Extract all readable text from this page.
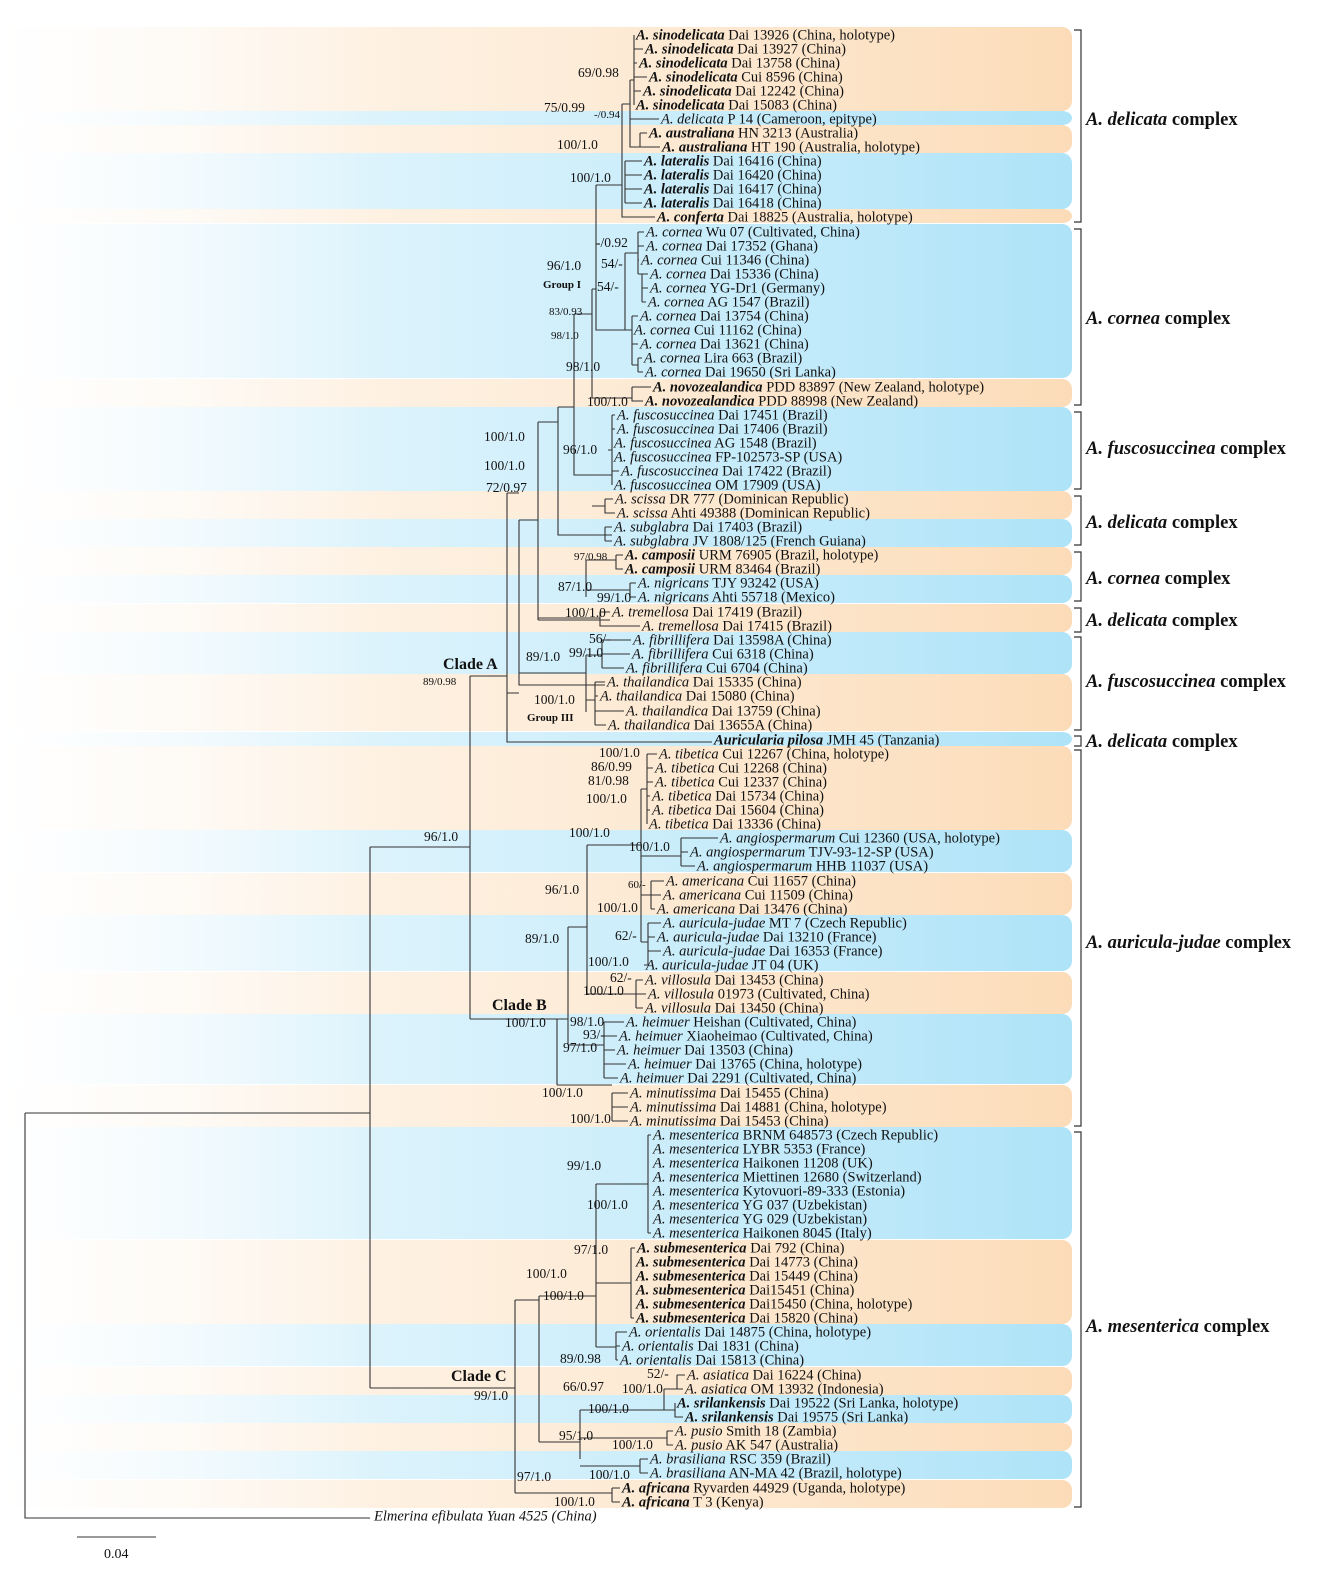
A. sinodelicata Dai 13926 (China, holotype)
A. sinodelicata Dai 13927 (China)
A. sinodelicata Dai 13758 (China)
A. sinodelicata Cui 8596 (China)
A. sinodelicata Dai 12242 (China)
A. sinodelicata Dai 15083 (China)
A. delicata P 14 (Cameroon, epitype)
A. australiana HN 3213 (Australia)
A. australiana HT 190 (Australia, holotype)
A. lateralis Dai 16416 (China)
A. lateralis Dai 16420 (China)
A. lateralis Dai 16417 (China)
A. lateralis Dai 16418 (China)
A. conferta Dai 18825 (Australia, holotype)
A. cornea Wu 07 (Cultivated, China)
A. cornea Dai 17352 (Ghana)
A. cornea Cui 11346 (China)
A. cornea Dai 15336 (China)
A. cornea YG-Dr1 (Germany)
A. cornea AG 1547 (Brazil)
A. cornea Dai 13754 (China)
A. cornea Cui 11162 (China)
A. cornea Dai 13621 (China)
A. cornea Lira 663 (Brazil)
A. cornea Dai 19650 (Sri Lanka)
A. novozealandica PDD 83897 (New Zealand, holotype)
A. novozealandica PDD 88998 (New Zealand)
A. fuscosuccinea Dai 17451 (Brazil)
A. fuscosuccinea Dai 17406 (Brazil)
A. fuscosuccinea AG 1548 (Brazil)
A. fuscosuccinea FP-102573-SP (USA)
A. fuscosuccinea Dai 17422 (Brazil)
A. fuscosuccinea OM 17909 (USA)
A. scissa DR 777 (Dominican Republic)
A. scissa Ahti 49388 (Dominican Republic)
A. subglabra Dai 17403 (Brazil)
A. subglabra JV 1808/125 (French Guiana)
A. camposii URM 76905 (Brazil, holotype)
A. camposii URM 83464 (Brazil)
A. nigricans TJY 93242 (USA)
A. nigricans Ahti 55718 (Mexico)
A. tremellosa Dai 17419 (Brazil)
A. tremellosa Dai 17415 (Brazil)
A. fibrillifera Dai 13598A (China)
A. fibrillifera Cui 6318 (China)
A. fibrillifera Cui 6704 (China)
A. thailandica Dai 15335 (China)
A. thailandica Dai 15080 (China)
A. thailandica Dai 13759 (China)
A. thailandica Dai 13655A (China)
Auricularia pilosa JMH 45 (Tanzania)
A. tibetica Cui 12267 (China, holotype)
A. tibetica Cui 12268 (China)
A. tibetica Cui 12337 (China)
A. tibetica Dai 15734 (China)
A. tibetica Dai 15604 (China)
A. tibetica Dai 13336 (China)
A. angiospermarum Cui 12360 (USA, holotype)
A. angiospermarum TJV-93-12-SP (USA)
A. angiospermarum HHB 11037 (USA)
A. americana Cui 11657 (China)
A. americana Cui 11509 (China)
A. americana Dai 13476 (China)
A. auricula-judae MT 7 (Czech Republic)
A. auricula-judae Dai 13210 (France)
A. auricula-judae Dai 16353 (France)
A. auricula-judae JT 04 (UK)
A. villosula Dai 13453 (China)
A. villosula 01973 (Cultivated, China)
A. villosula Dai 13450 (China)
A. heimuer Heishan (Cultivated, China)
A. heimuer Xiaoheimao (Cultivated, China)
A. heimuer Dai 13503 (China)
A. heimuer Dai 13765 (China, holotype)
A. heimuer Dai 2291 (Cultivated, China)
A. minutissima Dai 15455 (China)
A. minutissima Dai 14881 (China, holotype)
A. minutissima Dai 15453 (China)
A. mesenterica BRNM 648573 (Czech Republic)
A. mesenterica LYBR 5353 (France)
A. mesenterica Haikonen 11208 (UK)
A. mesenterica Miettinen 12680 (Switzerland)
A. mesenterica Kytovuori-89-333 (Estonia)
A. mesenterica YG 037 (Uzbekistan)
A. mesenterica YG 029 (Uzbekistan)
A. mesenterica Haikonen 8045 (Italy)
A. submesenterica Dai 792 (China)
A. submesenterica Dai 14773 (China)
A. submesenterica Dai 15449 (China)
A. submesenterica Dai15451 (China)
A. submesenterica Dai15450 (China, holotype)
A. submesenterica Dai 15820 (China)
A. orientalis Dai 14875 (China, holotype)
A. orientalis Dai 1831 (China)
A. orientalis Dai 15813 (China)
A. asiatica Dai 16224 (China)
A. asiatica OM 13932 (Indonesia)
A. srilankensis Dai 19522 (Sri Lanka, holotype)
A. srilankensis Dai 19575 (Sri Lanka)
A. pusio Smith 18 (Zambia)
A. pusio AK 547 (Australia)
A. brasiliana RSC 359 (Brazil)
A. brasiliana AN-MA 42 (Brazil, holotype)
A. africana Ryvarden 44929 (Uganda, holotype)
A. africana T 3 (Kenya)
Elmerina efibulata Yuan 4525 (China)
69/0.98
75/0.99 -/0.94
100/1.0
100/1.0
-/0.92
96/1.0 54/-
54/-
83/0.93
98/1.0
98/1.0
100/1.0
100/1.0
96/1.0
100/1.0
72/0.97
97/0.98
87/1.0
99/1.0
100/1.0
56/-
99/1.0
89/1.0
100/1.0
89/0.98
100/1.0
86/0.99
81/0.98
100/1.0
100/1.0
96/1.0
100/1.0
60/-
96/1.0
100/1.0
62/-
89/1.0
100/1.0
62/-
100/1.0
98/1.0
100/1.0
93/-
97/1.0
100/1.0
100/1.0
99/1.0
100/1.0
97/1.0
100/1.0
100/1.0
89/0.98
52/-
66/0.97 100/1.0
99/1.0
100/1.0
95/1.0
100/1.0
100/1.0
97/1.0
100/1.0
Clade A
Clade B
Clade C
Group I
Group III
A. delicata complex
A. cornea complex
A. fuscosuccinea complex
A. delicata complex
A. cornea complex
A. delicata complex
A. fuscosuccinea complex
A. delicata complex
A. auricula-judae complex
A. mesenterica complex
0.04
